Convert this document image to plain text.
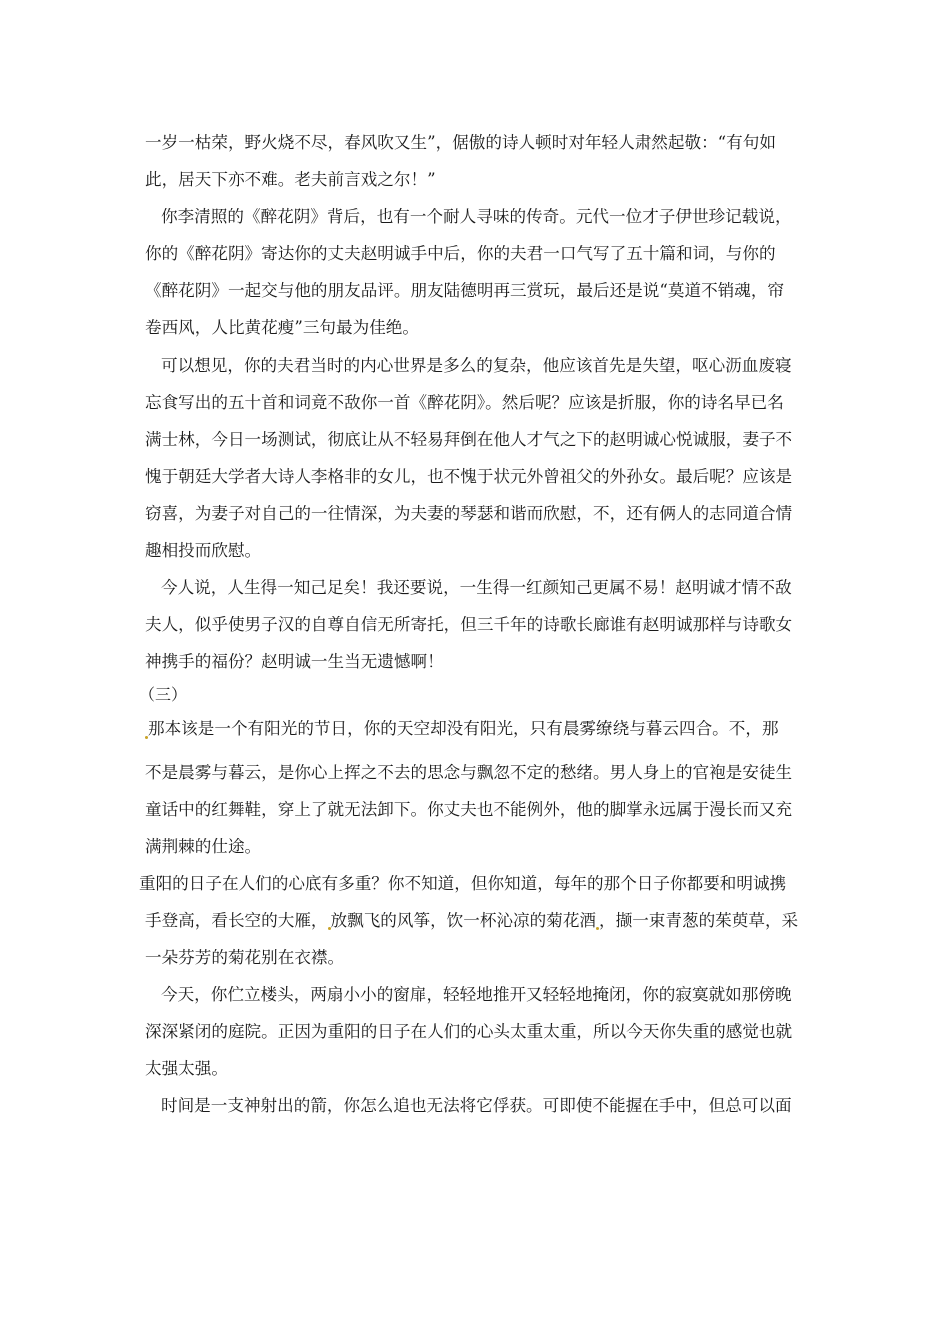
一岁一枯荣，野火烧不尽，春风吹又生”，倨傲的诗人顿时对年轻人肃然起敬：“有句如
此，居天下亦不难。老夫前言戏之尔！”
你李清照的《醉花阴》背后，也有一个耐人寻味的传奇。元代一位才子伊世珍记载说，
你的《醉花阴》寄达你的丈夫赵明诚手中后，你的夫君一口气写了五十篇和词，与你的
《醉花阴》一起交与他的朋友品评。朋友陆德明再三赏玩，最后还是说“莫道不销魂，帘
卷西风，人比黄花瘦”三句最为佳绝。
可以想见，你的夫君当时的内心世界是多么的复杂，他应该首先是失望，呕心沥血废寝
忘食写出的五十首和词竟不敌你一首《醉花阴》。然后呢？应该是折服，你的诗名早已名
满士林，今日一场测试，彻底让从不轻易拜倒在他人才气之下的赵明诚心悦诚服，妻子不
愧于朝廷大学者大诗人李格非的女儿，也不愧于状元外曾祖父的外孙女。最后呢？应该是
窃喜，为妻子对自己的一往情深，为夫妻的琴瑟和谐而欣慰，不，还有俩人的志同道合情
趣相投而欣慰。
今人说，人生得一知己足矣！我还要说，一生得一红颜知己更属不易！赵明诚才情不敌
夫人，似乎使男子汉的自尊自信无所寄托，但三千年的诗歌长廊谁有赵明诚那样与诗歌女
神携手的福份？赵明诚一生当无遗憾啊！
（三）
那本该是一个有阳光的节日，你的天空却没有阳光，只有晨雾缭绕与暮云四合。不，那
不是晨雾与暮云，是你心上挥之不去的思念与飘忽不定的愁绪。男人身上的官袍是安徒生
童话中的红舞鞋，穿上了就无法卸下。你丈夫也不能例外，他的脚掌永远属于漫长而又充
满荆棘的仕途。
重阳的日子在人们的心底有多重？你不知道，但你知道，每年的那个日子你都要和明诚携
手登高，看长空的大雁， 放飘飞的风筝，饮一杯沁凉的菊花酒 ，撷一束青葱的茱萸草，采
一朵芬芳的菊花别在衣襟。
今天，你伫立楼头，两扇小小的窗扉，轻轻地推开又轻轻地掩闭，你的寂寞就如那傍晚
深深紧闭的庭院。正因为重阳的日子在人们的心头太重太重，所以今天你失重的感觉也就
太强太强。
时间是一支神射出的箭，你怎么追也无法将它俘获。可即使不能握在手中，但总可以面
